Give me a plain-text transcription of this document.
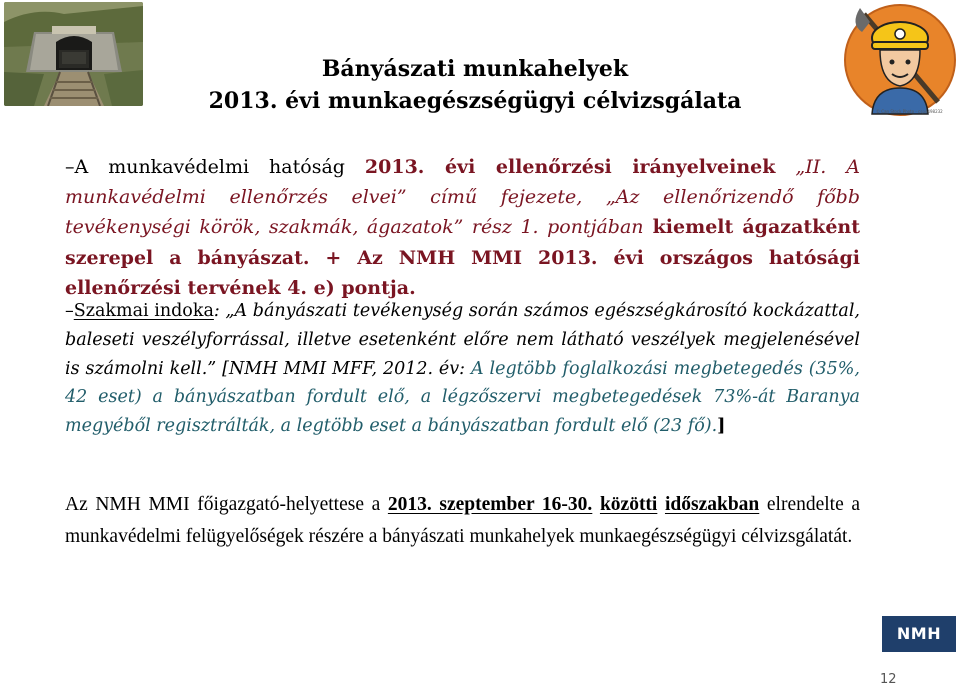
© Can Stock Photo - csp4498232
Bányászati munkahelyek
2013. évi munkaegészségügyi célvizsgálata
–A munkavédelmi hatóság 2013. évi ellenőrzési irányelveinek „II. A munkavédelmi ellenőrzés elvei” című fejezete, „Az ellenőrizendő főbb tevékenységi körök, szakmák, ágazatok” rész 1. pontjában kiemelt ágazatként szerepel a bányászat. + Az NMH MMI 2013. évi országos hatósági ellenőrzési tervének 4. e) pontja.
–Szakmai indoka: „A bányászati tevékenység során számos egészségkárosító kockázattal, baleseti veszélyforrással, illetve esetenként előre nem látható veszélyek megjelenésével is számolni kell.” [NMH MMI MFF, 2012. év: A legtöbb foglalkozási megbetegedés (35%, 42 eset) a bányászatban fordult elő, a légzőszervi megbetegedések 73%-át Baranya megyéből regisztrálták, a legtöbb eset a bányászatban fordult elő (23 fő).]
Az NMH MMI főigazgató-helyettese a 2013. szeptember 16-30. közötti időszakban elrendelte a munkavédelmi felügyelőségek részére a bányászati munkahelyek munkaegészségügyi célvizsgálatát.
NMH
12
